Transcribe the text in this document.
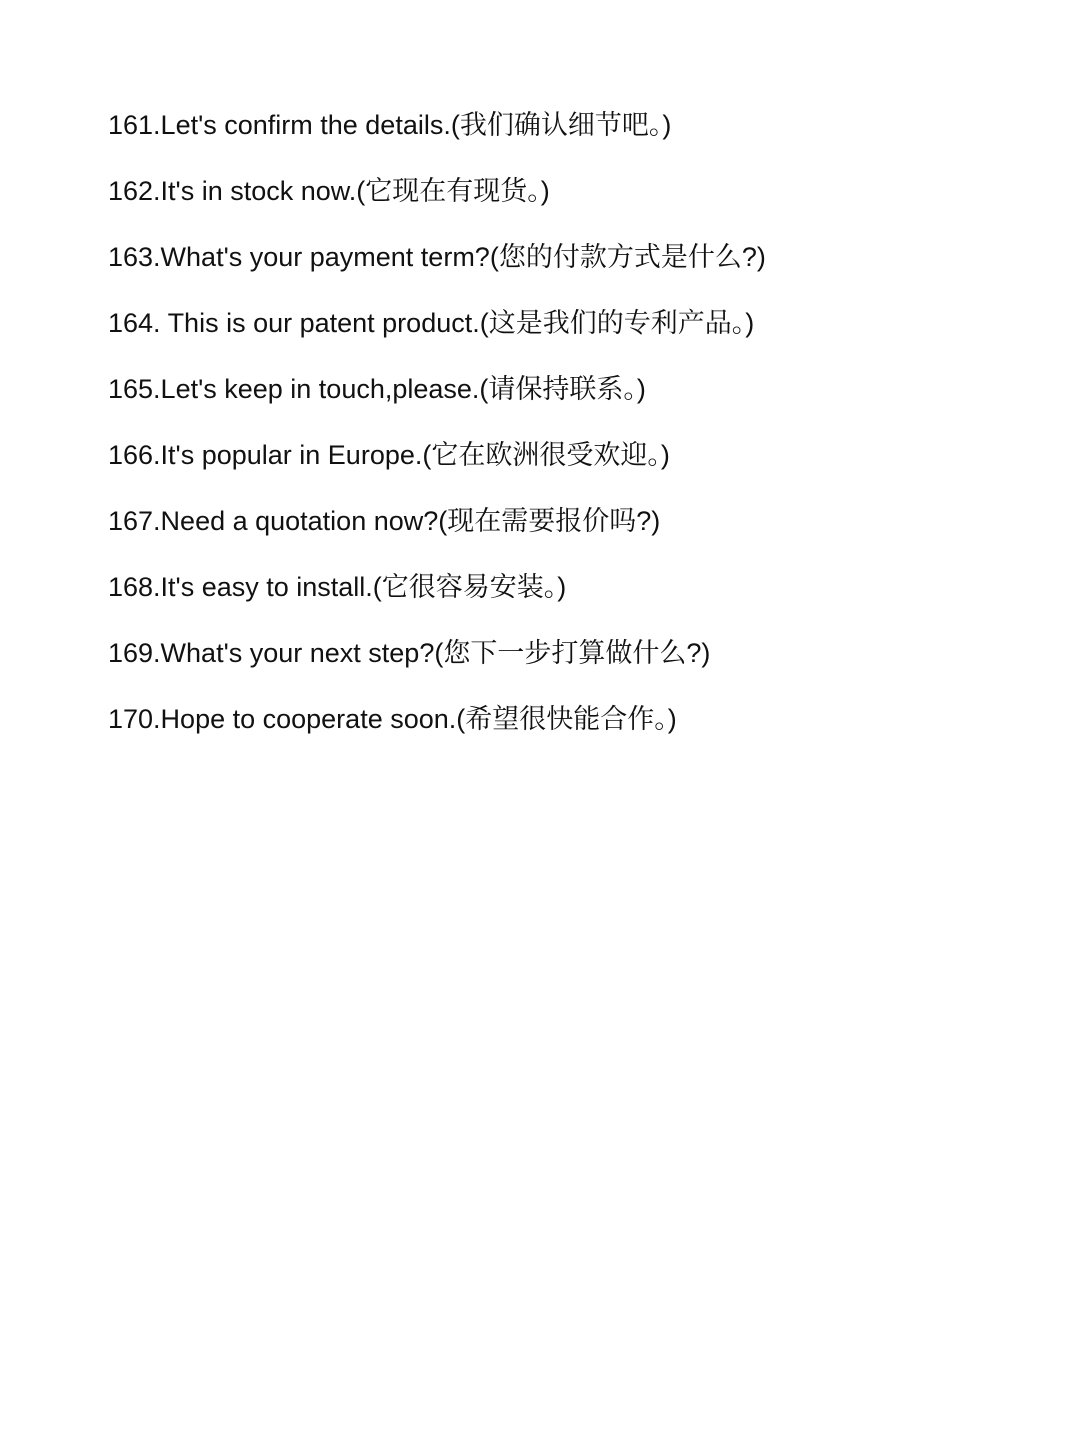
161.Let's confirm the details.(我们确认细节吧。)
162.It's in stock now.(它现在有现货。)
163.What's your payment term?(您的付款方式是什么?)
164. This is our patent product.(这是我们的专利产品。)
165.Let's keep in touch,please.(请保持联系。)
166.It's popular in Europe.(它在欧洲很受欢迎。)
167.Need a quotation now?(现在需要报价吗?)
168.It's easy to install.(它很容易安装。)
169.What's your next step?(您下一步打算做什么?)
170.Hope to cooperate soon.(希望很快能合作。)
